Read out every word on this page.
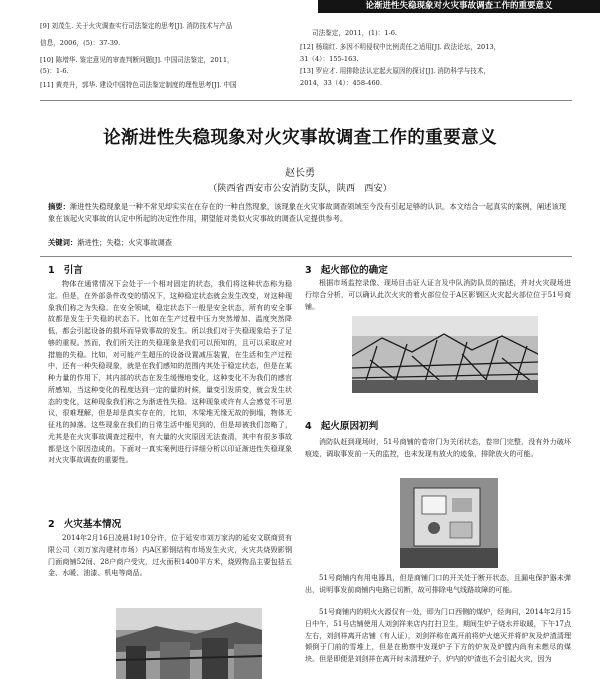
论渐进性失稳现象对火灾事故调查工作的重要意义
[9] 刘茂生. 关于火灾调查实行司法鉴定的思考[J]. 消防技术与产品
信息，2006，(5)：37-39.
[10] 陈增华. 鉴定意见的审查判断问题[J]. 中国司法鉴定，2011，
(5)：1-6.
[11] 黄亮升，郭华. 建设中国特色司法鉴定制度的理性思考[J]. 中国
司法鉴定，2011，(1)：1-6.
[12] 杨瑞红. 多因不明侵权中比例责任之适用[J]. 政法论坛，2013，
31（4）：155-163.
[13] 罗应才. 用排除法认定起火原因的探讨[J]. 消防科学与技术，
2014，33（4）：458-460.
论渐进性失稳现象对火灾事故调查工作的重要意义
赵长勇
（陕西省西安市公安消防支队，陕西　西安）
摘要：渐进性失稳现象是一种不常见却实实在在存在的一种自然现象，该现象在火灾事故调查领域至今没有引起足够的认识。本文结合一起真实的案例，阐述该现象在该起火灾事故的认定中所起的决定性作用，期望能对类似火灾事故的调查认定提供参考。
关键词：渐进性；失稳；火灾事故调查
1 引言

物体在通常情况下会处于一个相对固定的状态，我们将这种状态称为稳定。但是，在外部条件改变的情况下，这种稳定状态就会发生改变，对这种现象我们称之为失稳。在安全领域，稳定状态下一般是安全状态，所有的安全事故都是发生于失稳的状态下。比如在生产过程中压力突然增加、温度突然降低，都会引起设备的损坏而导致事故的发生。所以我们对于失稳现象给予了足够的重视。然而，我们所关注的失稳现象是我们可以预知的，且可以采取应对措施的失稳。比如，对可能产生超压的设备设置减压装置，在生活和生产过程中，还有一种失稳现象，就是在我们感知的范围内其处于稳定状态，但是在某种力量的作用下，其内部的状态在发生缓慢地变化，这种变化不为我们的感官所感知，当这种变化的程度达到一定的量的时候，量变引发质变，就会发生状态的变化，这种现象我们称之为渐进性失稳。这种现象或许有人会感觉不可思议，很难理解，但是却是真实存在的，比如，木梁堆无缘无故的倒塌，物体无征兆的掉落。这些现象在我们的日常生活中能见到的，但是却被我们忽略了，尤其是在火灾事故调查过程中，有大量的火灾原因无法查清，其中有很多事故都是这个原因造成的。下面对一真实案例进行详细分析以印证渐进性失稳现象对火灾事故调查的重要性。

2 火灾基本情况

2014年2月16日凌晨1时10分许，位于延安市刘万家沟的延安文联商贸有限公司（刘万家沟建材市场）内A区影钢结构市场发生火灾，火灾共烧毁影钢门面商铺52间、28户商户受灾，过火面积1400平方米，烧毁物品主要包括五金、水暖、油漆、机电等商品。

3 起火部位的确定

根据市场监控录像、现场目击证人证言及中队消防队员的描述，并对火灾现场进行综合分析，可以确认此次火灾的着火部位位于A区影钢区火灾起火部位位于51号商铺。

4 起火原因初判

消防队赶到现场时，51号商铺的卷帘门为关闭状态，卷帘门完整，没有外力破坏痕迹，调取事发前一天的监控，也未发现有放火的迹象，排除放火的可能。

51号商铺内有用电器具，但是商铺门口的开关处于断开状态，且漏电保护器未弹出，说明事发前商铺内电路已切断，故可排除电气线路故障的可能。

51号商铺内的明火火源仅有一处，即为门口西侧的煤炉，经询问，2014年2月15日中午，51号店铺使用人刘剑祥来店内打扫卫生，期间生炉子烧水并取暖，下午17点左右，刘剑祥离开店铺（有人证），刘剑祥称在离开前将炉火熄灭并将炉灰及炉渣清理倾倒于门前的雪堆上，但是在勘察中发现炉子下方的炉灰及炉膛内尚有未燃尽的煤块。但是即便是刘剑祥在离开时未清理炉子，炉内的炉渣也不会引起火灾，因为
